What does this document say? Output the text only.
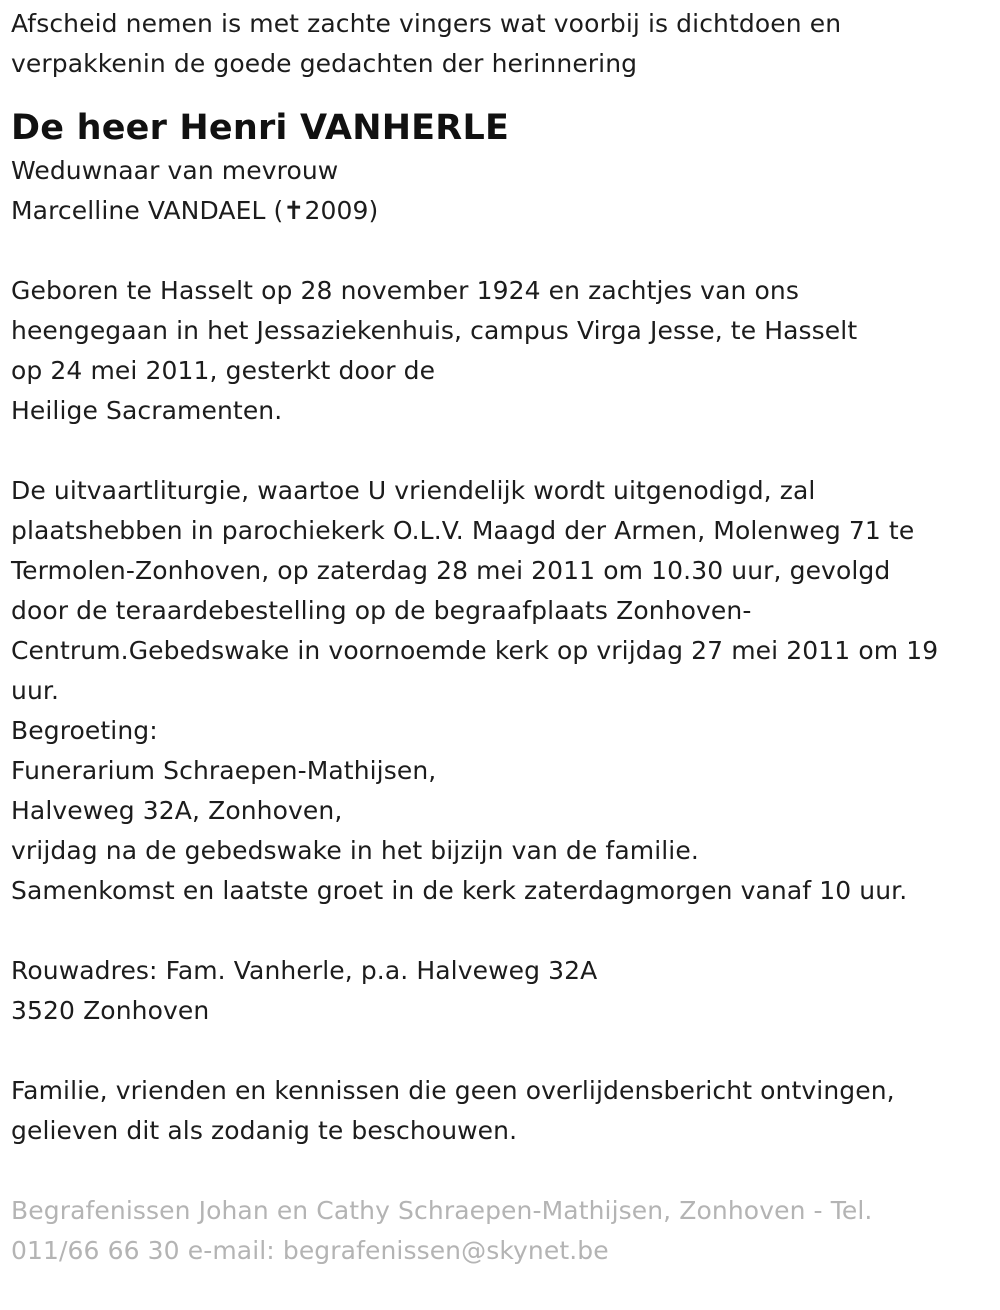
Afscheid nemen is met zachte vingers wat voorbij is dichtdoen en
verpakkenin de goede gedachten der herinnering
De heer Henri VANHERLE
Weduwnaar van mevrouw
Marcelline VANDAEL (✝2009)
Geboren te Hasselt op 28 november 1924 en zachtjes van ons
heengegaan in het Jessaziekenhuis, campus Virga Jesse, te Hasselt
op 24 mei 2011, gesterkt door de
Heilige Sacramenten.
De uitvaartliturgie, waartoe U vriendelijk wordt uitgenodigd, zal
plaatshebben in parochiekerk O.L.V. Maagd der Armen, Molenweg 71 te
Termolen-Zonhoven, op zaterdag 28 mei 2011 om 10.30 uur, gevolgd
door de teraardebestelling op de begraafplaats Zonhoven-
Centrum.Gebedswake in voornoemde kerk op vrijdag 27 mei 2011 om 19
uur.
Begroeting:
Funerarium Schraepen-Mathijsen,
Halveweg 32A, Zonhoven,
vrijdag na de gebedswake in het bijzijn van de familie.
Samenkomst en laatste groet in de kerk zaterdagmorgen vanaf 10 uur.
Rouwadres: Fam. Vanherle, p.a. Halveweg 32A
3520 Zonhoven
Familie, vrienden en kennissen die geen overlijdensbericht ontvingen,
gelieven dit als zodanig te beschouwen.
Begrafenissen Johan en Cathy Schraepen-Mathijsen, Zonhoven - Tel.
011/66 66 30 e-mail: begrafenissen@skynet.be
